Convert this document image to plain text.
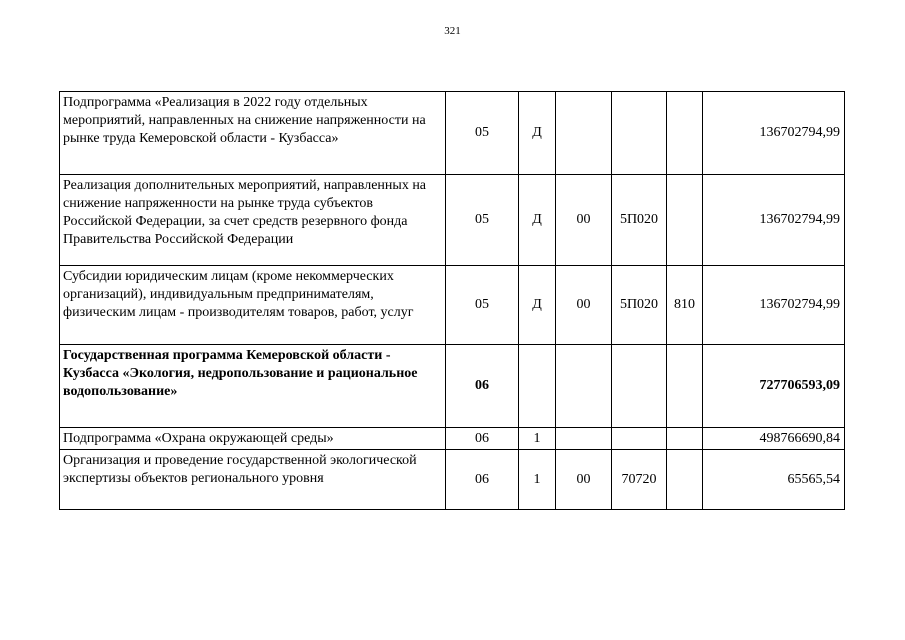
321
Подпрограмма «Реализация в 2022 году отдельных мероприятий, направленных на снижение напряженности на рынке труда Кемеровской области - Кузбасса»	05	Д				136702794,99
Реализация дополнительных мероприятий, направленных на снижение напряженности на рынке труда субъектов Российской Федерации, за счет средств резервного фонда Правительства Российской Федерации	05	Д	00	5П020		136702794,99
Субсидии юридическим лицам (кроме некоммерческих организаций), индивидуальным предпринимателям, физическим лицам - производителям товаров, работ, услуг	05	Д	00	5П020	810	136702794,99
Государственная программа Кемеровской области - Кузбасса «Экология, недропользование и рациональное водопользование»	06					727706593,09
Подпрограмма «Охрана окружающей среды»	06	1				498766690,84
Организация и проведение государственной экологической экспертизы объектов регионального уровня	06	1	00	70720		65565,54
